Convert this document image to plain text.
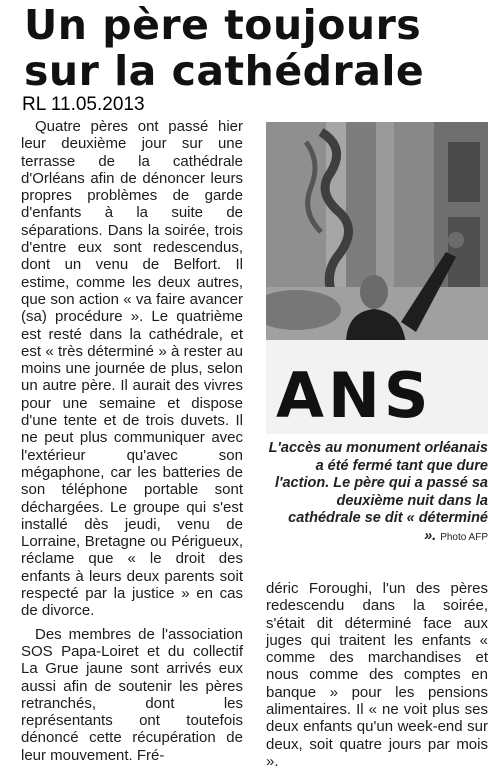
Un père toujours
sur la cathédrale
RL 11.05.2013

Quatre pères ont passé hier leur deuxième jour sur une terrasse de la cathédrale d'Orléans afin de dénoncer leurs propres problèmes de garde d'enfants à la suite de séparations. Dans la soirée, trois d'entre eux sont redescendus, dont un venu de Belfort. Il estime, comme les deux autres, que son action « va faire avancer (sa) procédure ». Le quatrième est resté dans la cathédrale, et est « très déterminé » à rester au moins une journée de plus, selon un autre père. Il aurait des vivres pour une semaine et dispose d'une tente et de trois duvets. Il ne peut plus communiquer avec l'extérieur qu'avec son mégaphone, car les batteries de son téléphone portable sont déchargées. Le groupe qui s'est installé dès jeudi, venu de Lorraine, Bretagne ou Périgueux, réclame que « le droit des enfants à leurs deux parents soit respecté par la justice » en cas de divorce.

Des membres de l'association SOS Papa-Loiret et du collectif La Grue jaune sont arrivés eux aussi afin de soutenir les pères retranchés, dont les représentants ont toutefois dénoncé cette récupération de leur mouvement. Fré-

ANS
L'accès au monument orléanais a été fermé tant que dure l'action. Le père qui a passé sa deuxième nuit dans la cathédrale se dit « déterminé ». Photo AFP

déric Foroughi, l'un des pères redescendu dans la soirée, s'était dit déterminé face aux juges qui traitent les enfants « comme des marchandises et nous comme des comptes en banque » pour les pensions alimentaires. Il « ne voit plus ses deux enfants qu'un week-end sur deux, soit quatre jours par mois ».
